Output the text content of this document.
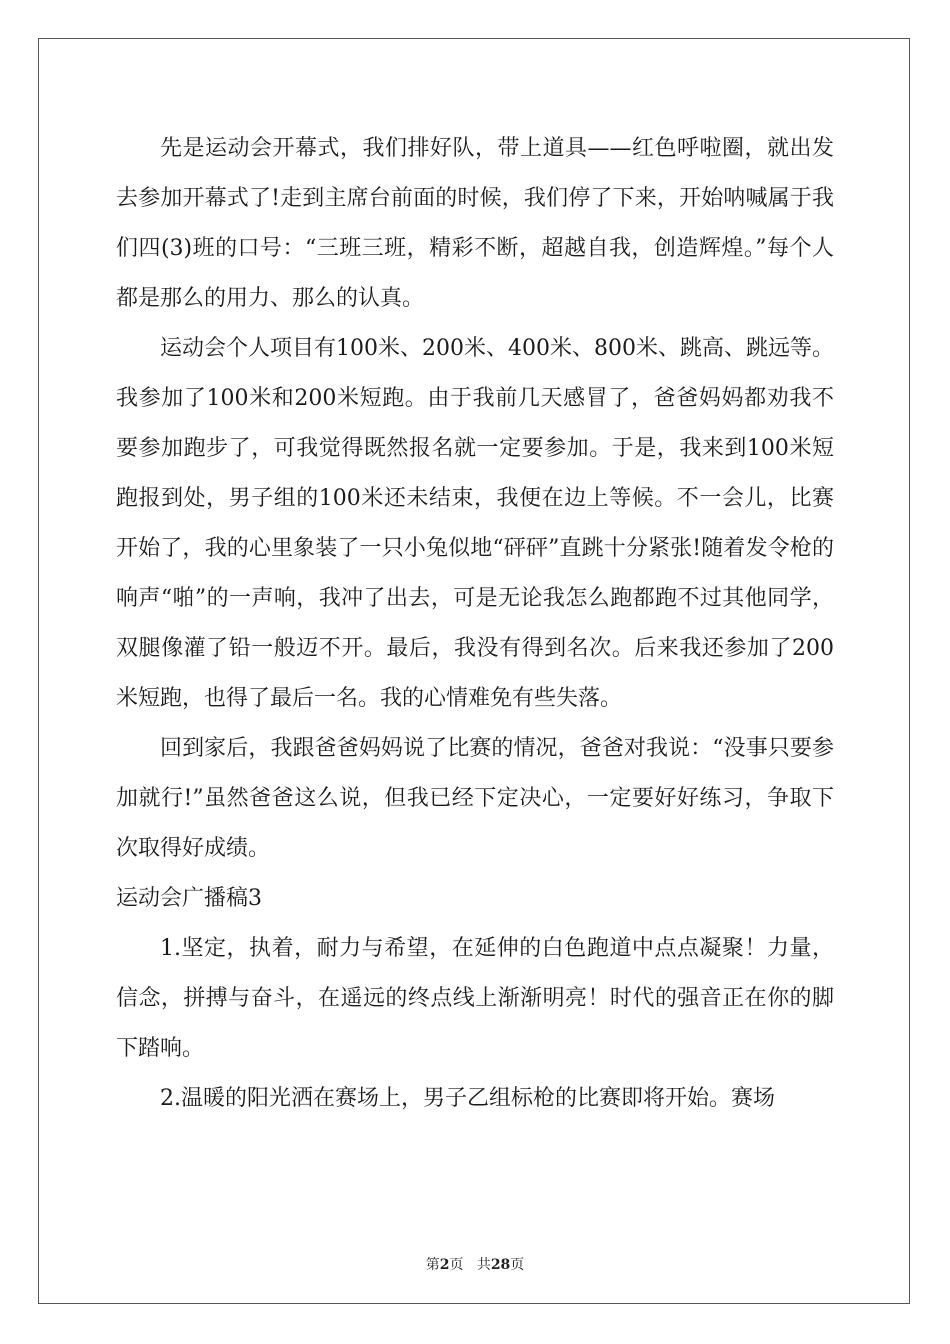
先是运动会开幕式，我们排好队，带上道具——红色呼啦圈，就出发去参加开幕式了!走到主席台前面的时候，我们停了下来，开始呐喊属于我们四(3)班的口号：“三班三班，精彩不断，超越自我，创造辉煌。”每个人都是那么的用力、那么的认真。

运动会个人项目有100米、200米、400米、800米、跳高、跳远等。我参加了100米和200米短跑。由于我前几天感冒了，爸爸妈妈都劝我不要参加跑步了，可我觉得既然报名就一定要参加。于是，我来到100米短跑报到处，男子组的100米还未结束，我便在边上等候。不一会儿，比赛开始了，我的心里象装了一只小兔似地“砰砰”直跳十分紧张!随着发令枪的响声“啪”的一声响，我冲了出去，可是无论我怎么跑都跑不过其他同学，双腿像灌了铅一般迈不开。最后，我没有得到名次。后来我还参加了200米短跑，也得了最后一名。我的心情难免有些失落。

回到家后，我跟爸爸妈妈说了比赛的情况，爸爸对我说：“没事只要参加就行!”虽然爸爸这么说，但我已经下定决心，一定要好好练习，争取下次取得好成绩。

运动会广播稿3

1.坚定，执着，耐力与希望，在延伸的白色跑道中点点凝聚！力量，信念，拼搏与奋斗，在遥远的终点线上渐渐明亮！时代的强音正在你的脚下踏响。

2.温暖的阳光洒在赛场上，男子乙组标枪的比赛即将开始。赛场

第2页 共28页
